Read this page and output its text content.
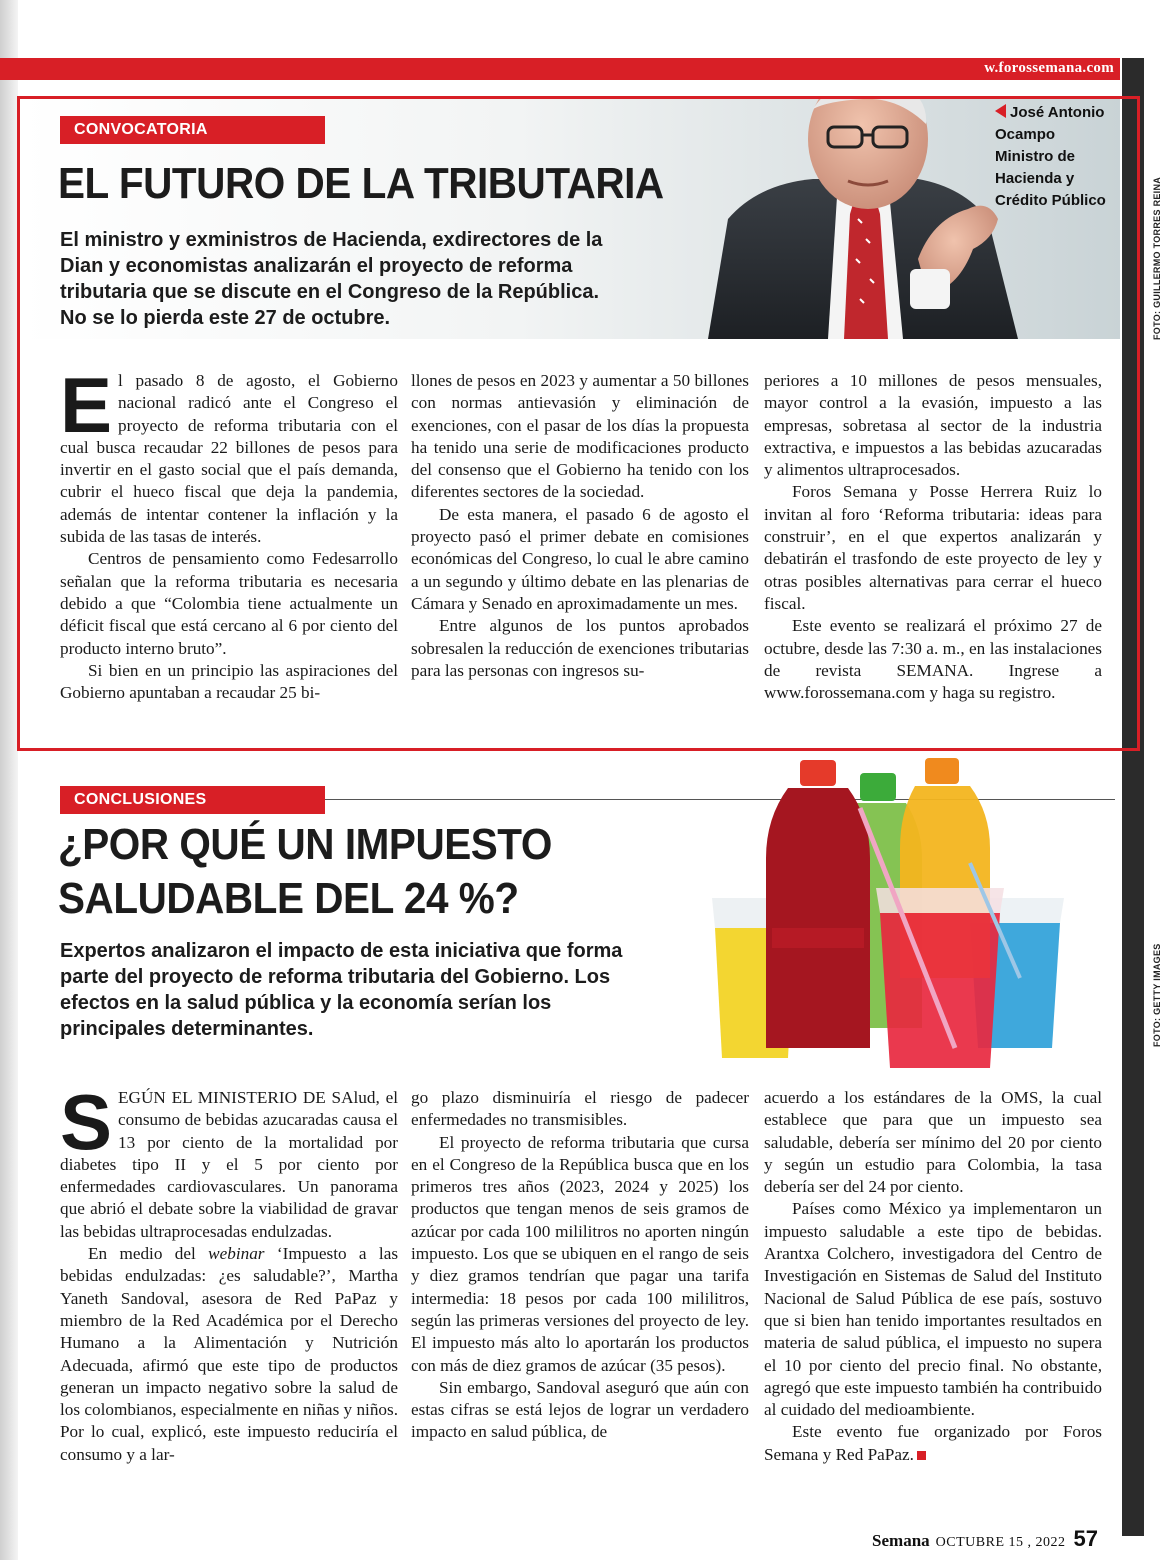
w.forossemana.com
CONVOCATORIA
EL FUTURO DE LA TRIBUTARIA
El ministro y exministros de Hacienda, exdirectores de la Dian y economistas analizarán el proyecto de reforma tributaria que se discute en el Congreso de la República. No se lo pierda este 27 de octubre.
José Antonio
Ocampo
Ministro de
Hacienda y
Crédito Público	FOTO: GUILLERMO TORRES REINA

El pasado 8 de agosto, el Gobierno nacional radicó ante el Congreso el proyecto de reforma tributaria con el cual busca recaudar 22 billones de pesos para invertir en el gasto social que el país demanda, cubrir el hueco fiscal que deja la pandemia, además de intentar contener la inflación y la subida de las tasas de interés.

Centros de pensamiento como Fedesarrollo señalan que la reforma tributaria es necesaria debido a que “Colombia tiene actualmente un déficit fiscal que está cercano al 6 por ciento del producto interno bruto”.

Si bien en un principio las aspiraciones del Gobierno apuntaban a recaudar 25 bi-

llones de pesos en 2023 y aumentar a 50 billones con normas antievasión y eliminación de exenciones, con el pasar de los días la propuesta ha tenido una serie de modificaciones producto del consenso que el Gobierno ha tenido con los diferentes sectores de la sociedad.

De esta manera, el pasado 6 de agosto el proyecto pasó el primer debate en comisiones económicas del Congreso, lo cual le abre camino a un segundo y último debate en las plenarias de Cámara y Senado en aproximadamente un mes.

Entre algunos de los puntos aprobados sobresalen la reducción de exenciones tributarias para las personas con ingresos su-

periores a 10 millones de pesos mensuales, mayor control a la evasión, impuesto a las empresas, sobretasa al sector de la industria extractiva, e impuestos a las bebidas azucaradas y alimentos ultraprocesados.

Foros Semana y Posse Herrera Ruiz lo invitan al foro ‘Reforma tributaria: ideas para construir’, en el que expertos analizarán y debatirán el trasfondo de este proyecto de ley y otras posibles alternativas para cerrar el hueco fiscal.

Este evento se realizará el próximo 27 de octubre, desde las 7:30 a. m., en las instalaciones de revista SEMANA. Ingrese a www.forossemana.com y haga su registro.

CONCLUSIONES
¿POR QUÉ UN IMPUESTO
SALUDABLE DEL 24 %?
Expertos analizaron el impacto de esta iniciativa que forma parte del proyecto de reforma tributaria del Gobierno. Los efectos en la salud pública y la economía serían los principales determinantes.	FOTO: GETTY IMAGES

SEGÚN EL MINISTERIO DE SAlud, el consumo de bebidas azucaradas causa el 13 por ciento de la mortalidad por diabetes tipo II y el 5 por ciento por enfermedades cardiovasculares. Un panorama que abrió el debate sobre la viabilidad de gravar las bebidas ultraprocesadas endulzadas.

En medio del webinar ‘Impuesto a las bebidas endulzadas: ¿es saludable?’, Martha Yaneth Sandoval, asesora de Red PaPaz y miembro de la Red Académica por el Derecho Humano a la Alimentación y Nutrición Adecuada, afirmó que este tipo de productos generan un impacto negativo sobre la salud de los colombianos, especialmente en niñas y niños. Por lo cual, explicó, este impuesto reduciría el consumo y a lar-

go plazo disminuiría el riesgo de padecer enfermedades no transmisibles.

El proyecto de reforma tributaria que cursa en el Congreso de la República busca que en los primeros tres años (2023, 2024 y 2025) los productos que tengan menos de seis gramos de azúcar por cada 100 mililitros no aporten ningún impuesto. Los que se ubiquen en el rango de seis y diez gramos tendrían que pagar una tarifa intermedia: 18 pesos por cada 100 mililitros, según las primeras versiones del proyecto de ley. El impuesto más alto lo aportarán los productos con más de diez gramos de azúcar (35 pesos).

Sin embargo, Sandoval aseguró que aún con estas cifras se está lejos de lograr un verdadero impacto en salud pública, de

acuerdo a los estándares de la OMS, la cual establece que para que un impuesto sea saludable, debería ser mínimo del 20 por ciento y según un estudio para Colombia, la tasa debería ser del 24 por ciento.

Países como México ya implementaron un impuesto saludable a este tipo de bebidas. Arantxa Colchero, investigadora del Centro de Investigación en Sistemas de Salud del Instituto Nacional de Salud Pública de ese país, sostuvo que si bien han tenido importantes resultados en materia de salud pública, el impuesto no supera el 10 por ciento del precio final. No obstante, agregó que este impuesto también ha contribuido al cuidado del medioambiente.

Este evento fue organizado por Foros Semana y Red PaPaz.

Semana OCTUBRE 15 , 2022 57
